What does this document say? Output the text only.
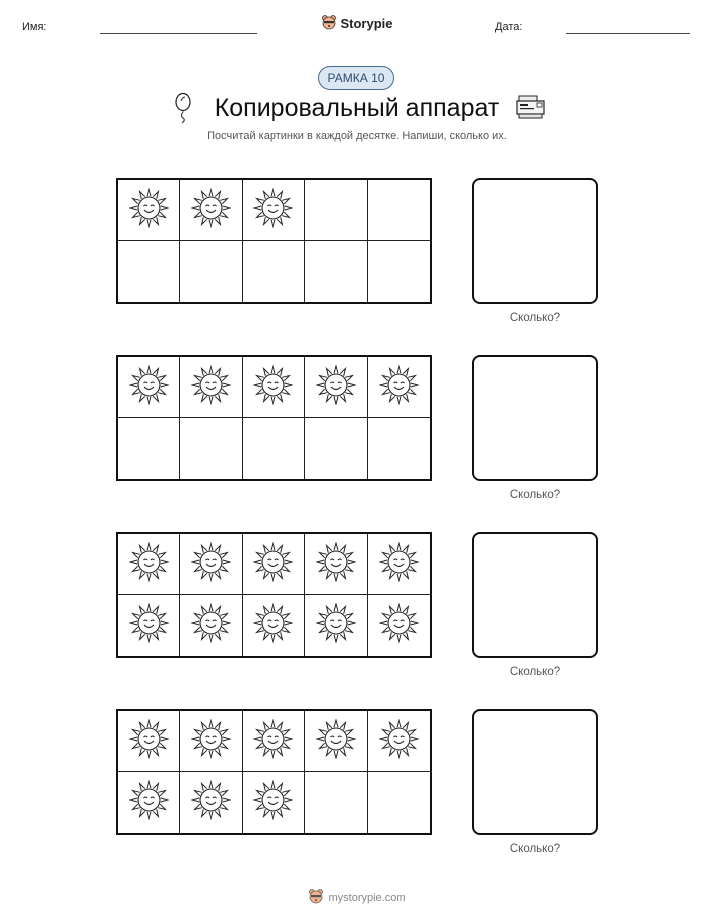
Имя:	Storypie	Дата:
РАМКА 10
Копировальный аппарат
Посчитай картинки в каждой десятке. Напиши, сколько их.
Сколько?
Сколько?
Сколько?
Сколько?
mystorypie.com
